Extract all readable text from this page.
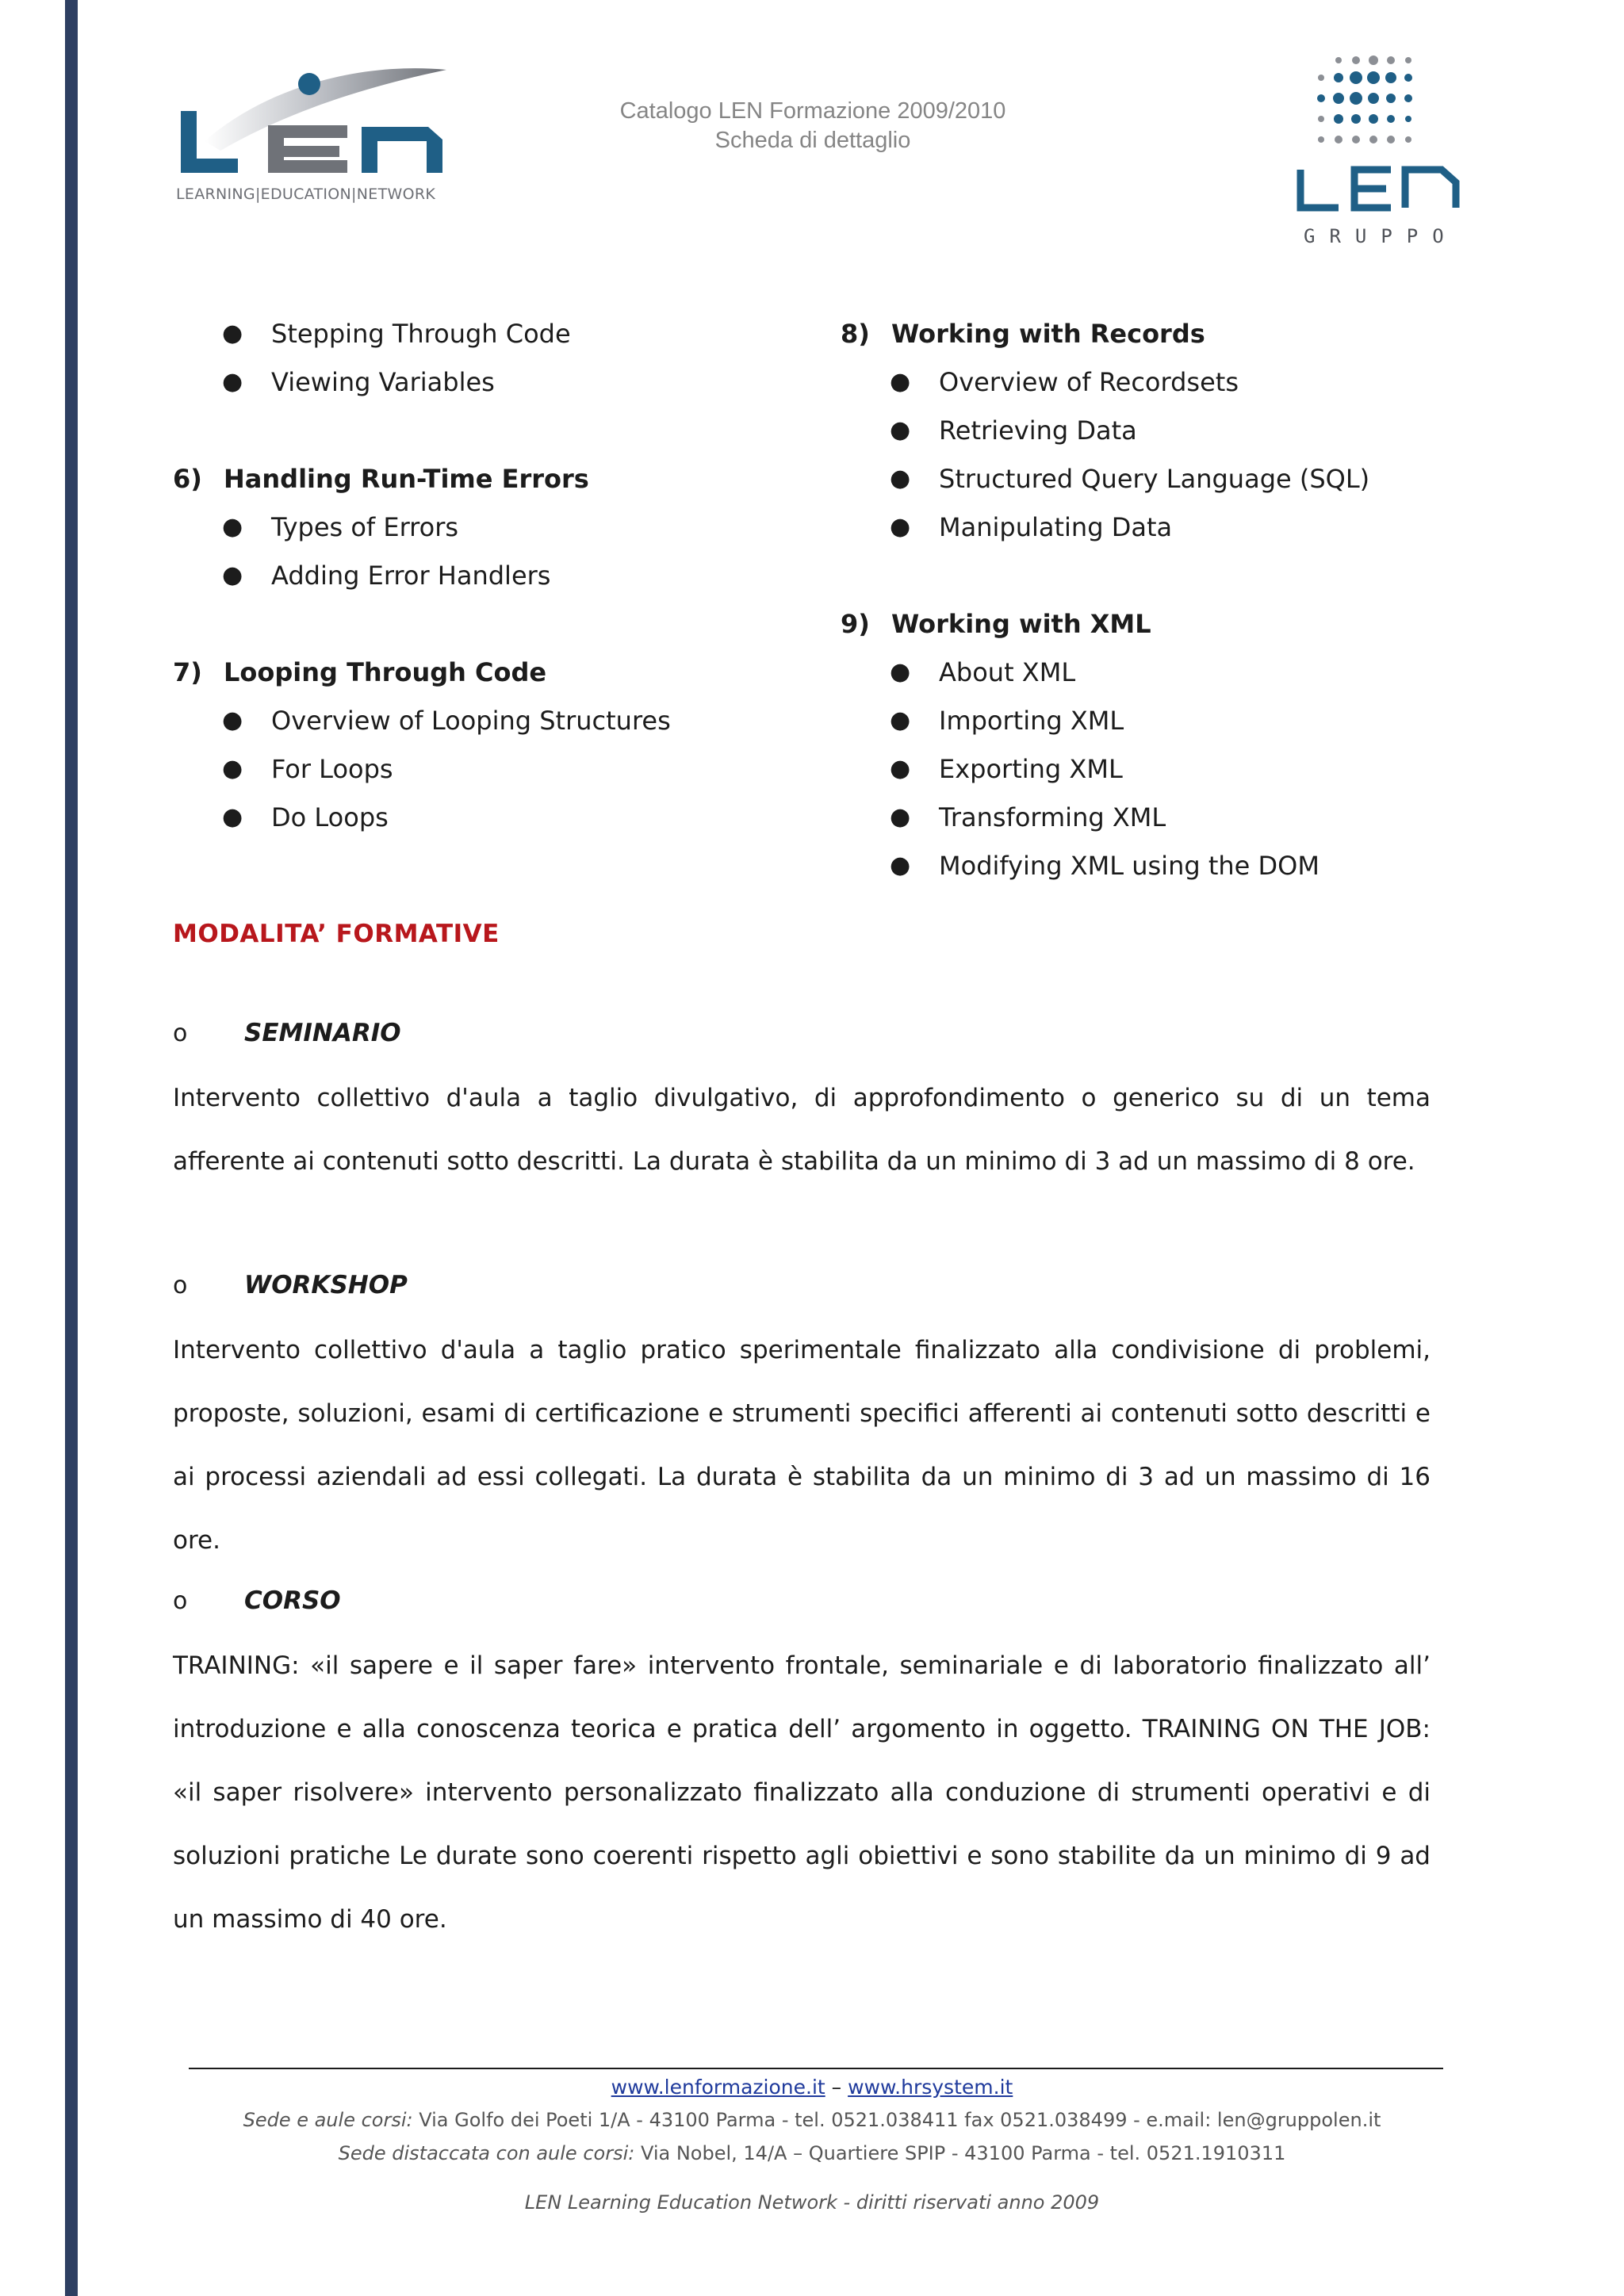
LEARNING|EDUCATION|NETWORK
Catalogo LEN Formazione 2009/2010
Scheda di dettaglio
GRUPPO
●	Stepping Through Code
●	Viewing Variables
6) Handling Run-Time Errors
●	Types of Errors
●	Adding Error Handlers
7) Looping Through Code
●	Overview of Looping Structures
●	For Loops
●	Do Loops
8) Working with Records
●	Overview of Recordsets
●	Retrieving Data
●	Structured Query Language (SQL)
●	Manipulating Data
9) Working with XML
●	About XML
●	Importing XML
●	Exporting XML
●	Transforming XML
●	Modifying XML using the DOM
MODALITA’ FORMATIVE
o	SEMINARIO
Intervento collettivo d'aula a taglio divulgativo, di approfondimento o generico su di un tema afferente ai contenuti sotto descritti. La durata è stabilita da un minimo di 3 ad un massimo di 8 ore.
o	WORKSHOP
Intervento collettivo d'aula a taglio pratico sperimentale finalizzato alla condivisione di problemi, proposte, soluzioni, esami di certificazione e strumenti specifici afferenti ai contenuti sotto descritti e ai processi aziendali ad essi collegati. La durata è stabilita da un minimo di 3 ad un massimo di 16 ore.
o	CORSO
TRAINING: «il sapere e il saper fare» intervento frontale, seminariale e di laboratorio finalizzato all’ introduzione e alla conoscenza teorica e pratica dell’ argomento in oggetto. TRAINING ON THE JOB: «il saper risolvere» intervento personalizzato finalizzato alla conduzione di strumenti operativi e di soluzioni pratiche Le durate sono coerenti rispetto agli obiettivi e sono stabilite da un minimo di 9 ad un massimo di 40 ore.
www.lenformazione.it – www.hrsystem.it
Sede e aule corsi: Via Golfo dei Poeti 1/A - 43100 Parma - tel. 0521.038411 fax 0521.038499 - e.mail: len@gruppolen.it
Sede distaccata con aule corsi: Via Nobel, 14/A – Quartiere SPIP - 43100 Parma - tel. 0521.1910311
LEN Learning Education Network - diritti riservati anno 2009
